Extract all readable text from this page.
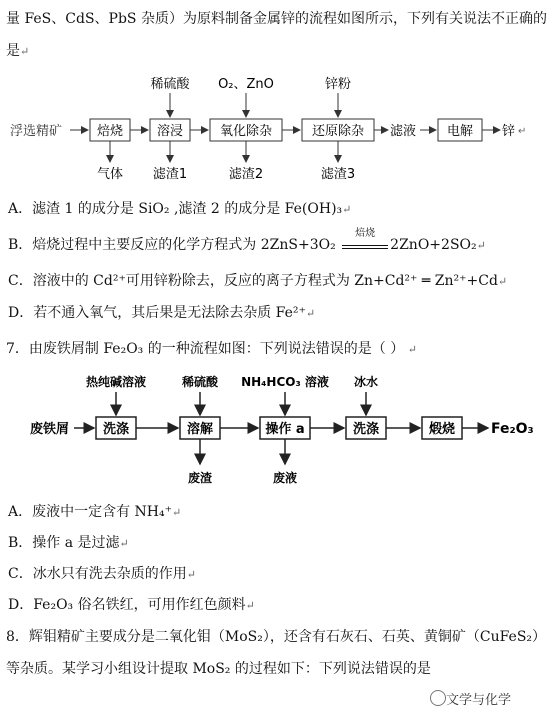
量 FeS、CdS、PbS 杂质）为原料制备金属锌的流程如图所示，下列有关说法不正确的
是↵
浮选精矿	焙烧	溶浸	氧化除杂	还原除杂 滤液 电解 锌 ↵
稀硫酸 O₂、ZnO	锌粉
气体 滤渣1	滤渣2	滤渣3
A．滤渣 1 的成分是 SiO₂ ,滤渣 2 的成分是 Fe(OH)₃↵
B．焙烧过程中主要反应的化学方程式为 2ZnS+3O₂
焙烧
2ZnO+2SO₂↵
C．溶液中的 Cd²⁺可用锌粉除去，反应的离子方程式为 Zn+Cd²⁺ ═ Zn²⁺+Cd↵
D．若不通入氧气，其后果是无法除去杂质 Fe²⁺↵
7．由废铁屑制 Fe₂O₃ 的一种流程如图：下列说法错误的是（ ） ↵
废铁屑	洗涤	溶解	操作 a	洗涤	煅烧	Fe₂O₃
热纯碱溶液	稀硫酸 NH₄HCO₃ 溶液 冰水
废渣	废液
A．废液中一定含有 NH₄⁺↵
B．操作 a 是过滤↵
C．冰水只有洗去杂质的作用↵
D．Fe₂O₃ 俗名铁红，可用作红色颜料↵
8．辉钼精矿主要成分是二氧化钼（MoS₂），还含有石灰石、石英、黄铜矿（CuFeS₂）
等杂质。某学习小组设计提取 MoS₂ 的过程如下：下列说法错误的是
文学与化学
